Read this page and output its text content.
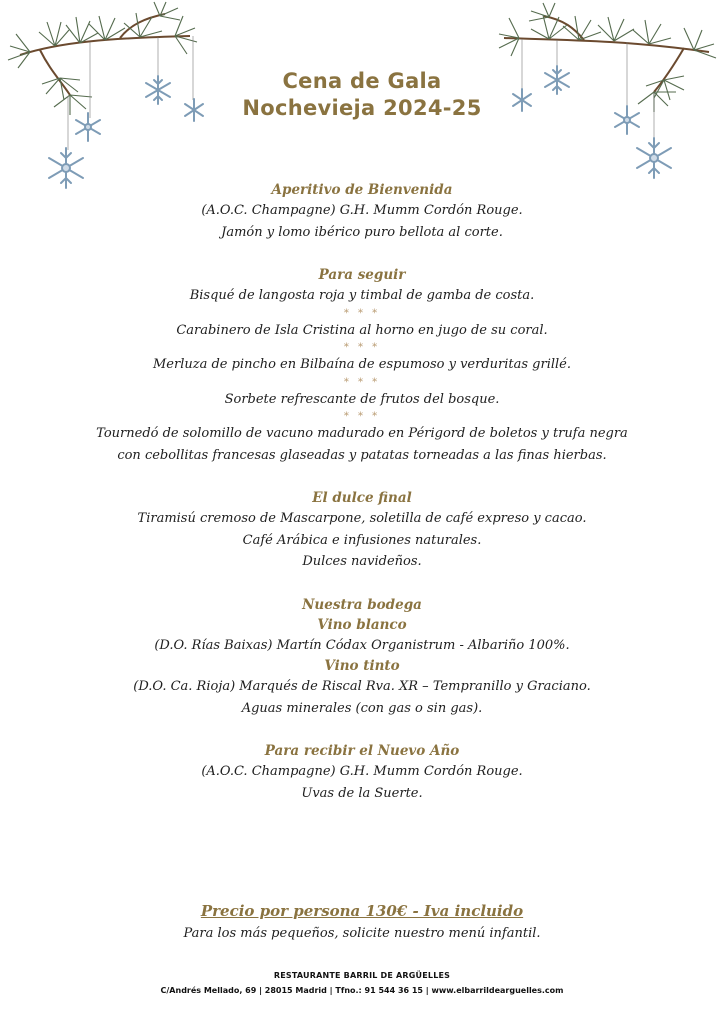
Cena de Gala
Nochevieja 2024-25
Aperitivo de Bienvenida
(A.O.C. Champagne) G.H. Mumm Cordón Rouge.
Jamón y lomo ibérico puro bellota al corte.
Para seguir
Bisqué de langosta roja y timbal de gamba de costa.
* * *
Carabinero de Isla Cristina al horno en jugo de su coral.
* * *
Merluza de pincho en Bilbaína de espumoso y verduritas grillé.
* * *
Sorbete refrescante de frutos del bosque.
* * *
Tournedó de solomillo de vacuno madurado en Périgord de boletos y trufa negra
con cebollitas francesas glaseadas y patatas torneadas a las finas hierbas.
El dulce final
Tiramisú cremoso de Mascarpone, soletilla de café expreso y cacao.
Café Arábica e infusiones naturales.
Dulces navideños.
Nuestra bodega
Vino blanco
(D.O. Rías Baixas) Martín Códax Organistrum - Albariño 100%.
Vino tinto
(D.O. Ca. Rioja) Marqués de Riscal Rva. XR – Tempranillo y Graciano.
Aguas minerales (con gas o sin gas).
Para recibir el Nuevo Año
(A.O.C. Champagne) G.H. Mumm Cordón Rouge.
Uvas de la Suerte.
Precio por persona 130€ - Iva incluido
Para los más pequeños, solicite nuestro menú infantil.
RESTAURANTE BARRIL DE ARGÜELLES
C/Andrés Mellado, 69 | 28015 Madrid | Tfno.: 91 544 36 15 | www.elbarrildearguelles.com
